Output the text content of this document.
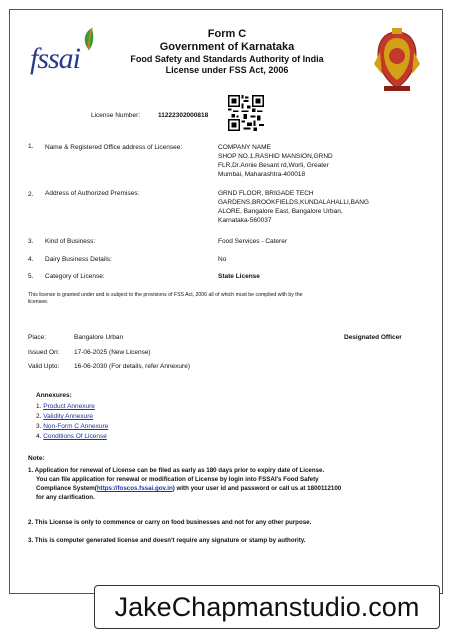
fssai
Form C
Government of Karnataka
Food Safety and Standards Authority of India
License under FSS Act, 2006
License Number:	11222302000818
1. Name & Registered Office address of Licensee:	COMPANY NAME
SHOP NO.1,RASHID MANSION,GRND
FLR,Dr.Annie Besant rd,Worli, Greater
Mumbai, Maharashtra-400018
2. Address of Authorized Premises:	GRND FLOOR, BRIGADE TECH
GARDENS,BROOKFIELDS,KUNDALAHALLI,BANG
ALORE, Bangalore East, Bangalore Urban,
Karnataka-560037
3. Kind of Business:	Food Services - Caterer
4. Dairy Business Details:	No
5. Category of License:	State License
This license is granted under and is subject to the provisions of FSS Act, 2006 all of which must be complied with by the
licensee.
Place:	Bangalore Urban	Designated Officer
Issued On: 17-06-2025 (New License)
Valid Upto: 16-06-2030 (For details, refer Annexure)
Annexures:
1. Product Annexure
2. Validity Annexure
3. Non-Form C Annexure
4. Conditions Of License
Note:
1. Application for renewal of License can be filed as early as 180 days prior to expiry date of License.
You can file application for renewal or modification of License by login into FSSAI's Food Safety
Compliance System(https://foscos.fssai.gov.in) with your user id and password or call us at 1800112100
for any clarification.
2. This License is only to commence or carry on food businesses and not for any other purpose.
3. This is computer generated license and doesn't require any signature or stamp by authority.
JakeChapmanstudio.com
